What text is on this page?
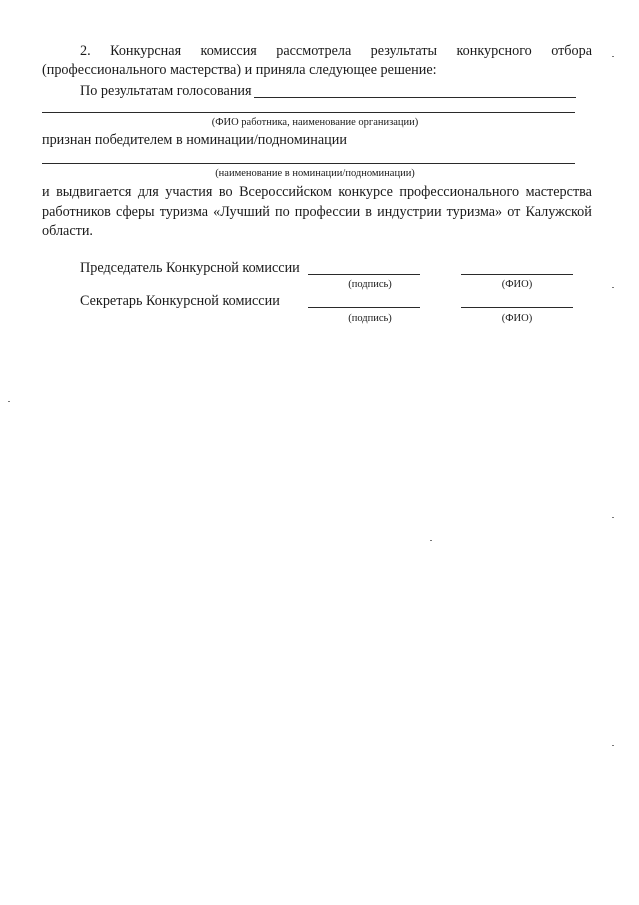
2. Конкурсная комиссия рассмотрела результаты конкурсного отбора
(профессионального мастерства) и приняла следующее решение:
По результатам голосования
(ФИО работника, наименование организации)
признан победителем в номинации/подноминации
(наименование в номинации/подноминации)
и выдвигается для участия во Всероссийском конкурсе профессионального мастерства
работников сферы туризма «Лучший по профессии в индустрии туризма» от Калужской
области.
Председатель Конкурсной комиссии
(подпись)	(ФИО)
Секретарь Конкурсной комиссии
(подпись)	(ФИО)
